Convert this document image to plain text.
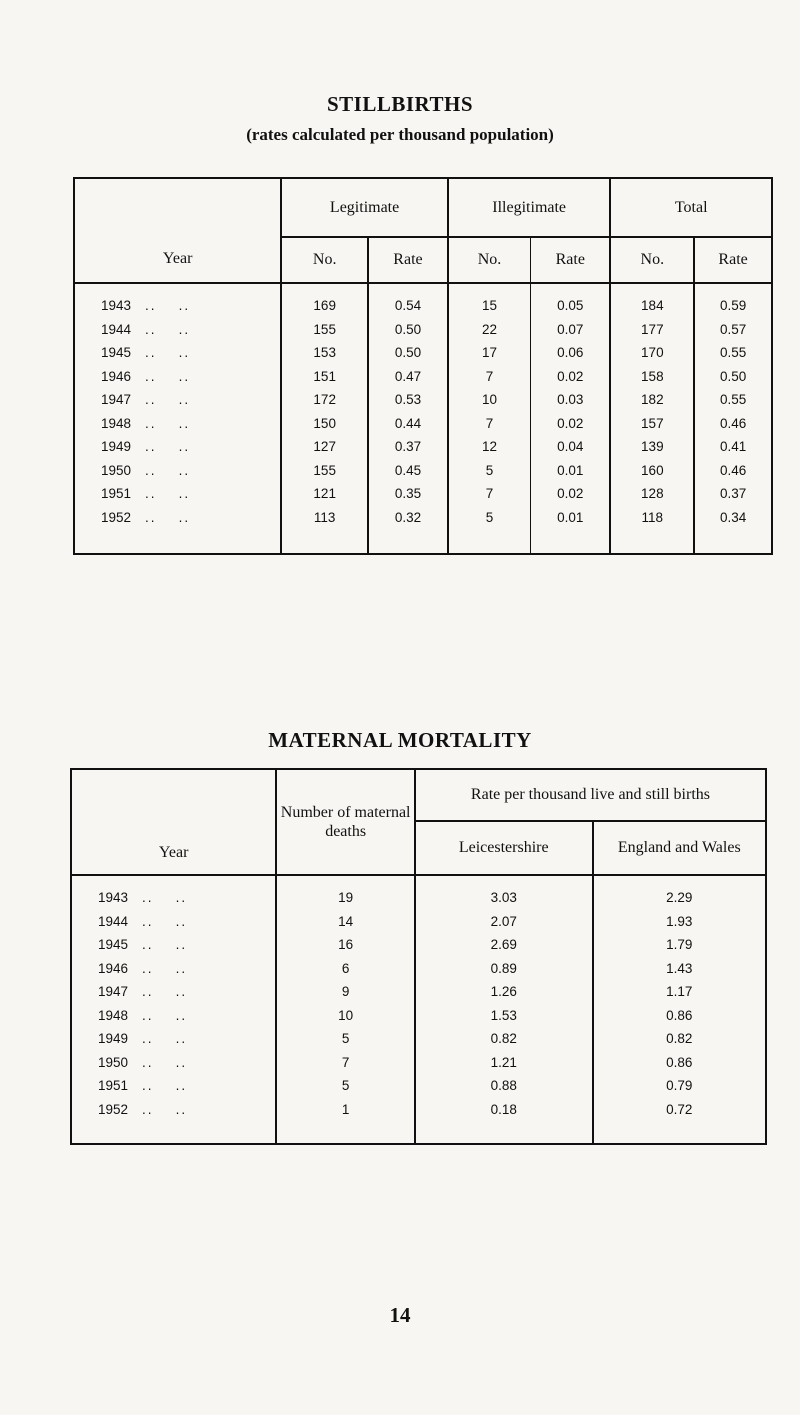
STILLBIRTHS
(rates calculated per thousand population)
Year	Legitimate		Illegitimate		Total	
	No.	Rate	No.	Rate	No.	Rate
1943 .. ..	169	0.54	15	0.05	184	0.59
1944 .. ..	155	0.50	22	0.07	177	0.57
1945 .. ..	153	0.50	17	0.06	170	0.55
1946 .. ..	151	0.47	7	0.02	158	0.50
1947 .. ..	172	0.53	10	0.03	182	0.55
1948 .. ..	150	0.44	7	0.02	157	0.46
1949 .. ..	127	0.37	12	0.04	139	0.41
1950 .. ..	155	0.45	5	0.01	160	0.46
1951 .. ..	121	0.35	7	0.02	128	0.37
1952 .. ..	113	0.32	5	0.01	118	0.34
MATERNAL MORTALITY
Year	Number of maternal deaths	Rate per thousand live and still births	
		Leicestershire	England and Wales
1943 .. ..	19	3.03	2.29
1944 .. ..	14	2.07	1.93
1945 .. ..	16	2.69	1.79
1946 .. ..	6	0.89	1.43
1947 .. ..	9	1.26	1.17
1948 .. ..	10	1.53	0.86
1949 .. ..	5	0.82	0.82
1950 .. ..	7	1.21	0.86
1951 .. ..	5	0.88	0.79
1952 .. ..	1	0.18	0.72
14
